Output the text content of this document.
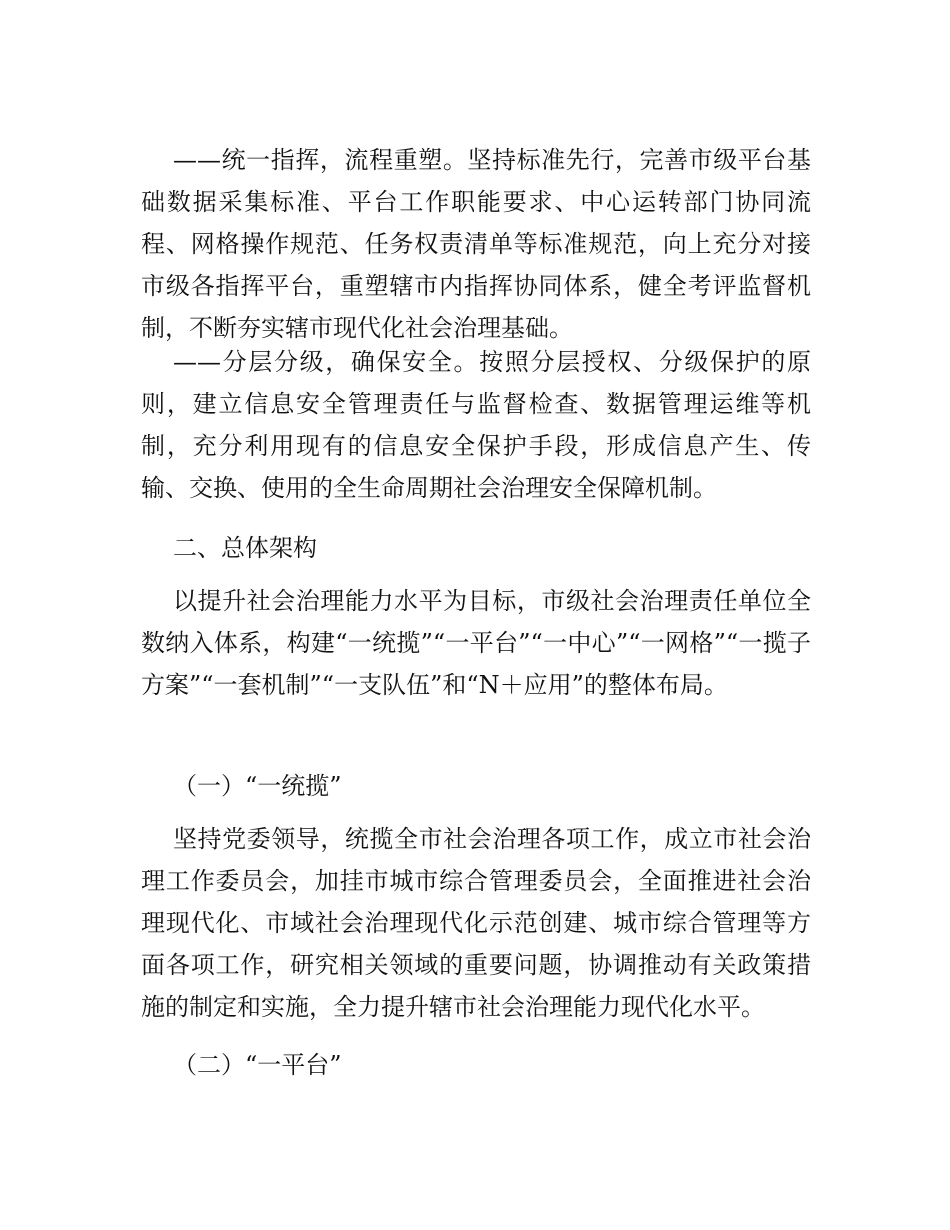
——统一指挥，流程重塑。坚持标准先行，完善市级平台基础数据采集标准、平台工作职能要求、中心运转部门协同流程、网格操作规范、任务权责清单等标准规范，向上充分对接市级各指挥平台，重塑辖市内指挥协同体系，健全考评监督机制，不断夯实辖市现代化社会治理基础。

——分层分级，确保安全。按照分层授权、分级保护的原则，建立信息安全管理责任与监督检查、数据管理运维等机制，充分利用现有的信息安全保护手段，形成信息产生、传输、交换、使用的全生命周期社会治理安全保障机制。

二、总体架构

以提升社会治理能力水平为目标，市级社会治理责任单位全数纳入体系，构建“一统揽”“一平台”“一中心”“一网格”“一揽子方案”“一套机制”“一支队伍”和“N＋应用”的整体布局。

（一）“一统揽”

坚持党委领导，统揽全市社会治理各项工作，成立市社会治理工作委员会，加挂市城市综合管理委员会，全面推进社会治理现代化、市域社会治理现代化示范创建、城市综合管理等方面各项工作，研究相关领域的重要问题，协调推动有关政策措施的制定和实施，全力提升辖市社会治理能力现代化水平。

（二）“一平台”
